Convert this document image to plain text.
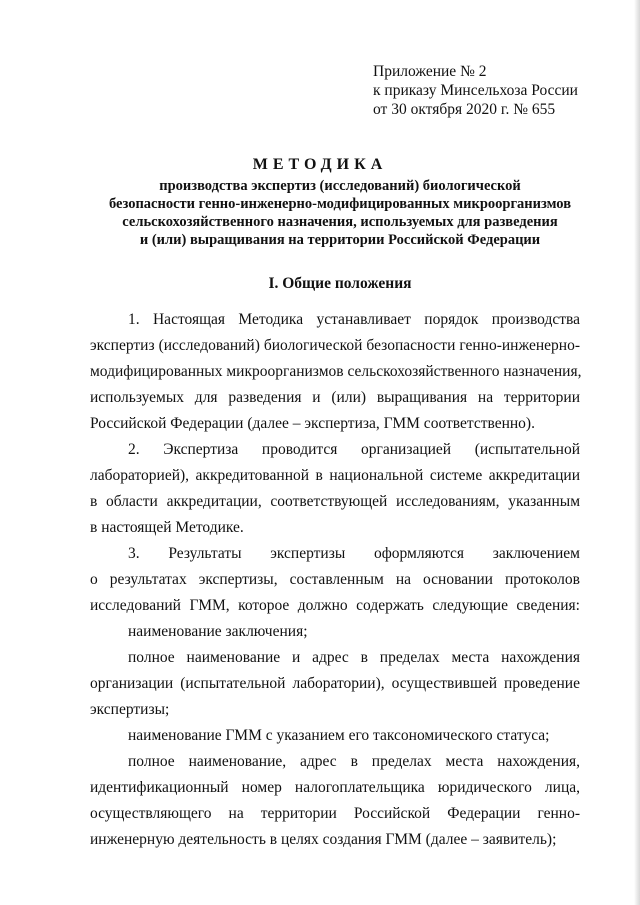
Приложение № 2
к приказу Минсельхоза России
от 30 октября 2020 г. № 655
МЕТОДИКА
производства экспертиз (исследований) биологической
безопасности генно-инженерно-модифицированных микроорганизмов
сельскохозяйственного назначения, используемых для разведения
и (или) выращивания на территории Российской Федерации
I. Общие положения
1. Настоящая Методика устанавливает порядок производства
экспертиз (исследований) биологической безопасности генно-инженерно-
модифицированных микроорганизмов сельскохозяйственного назначения,
используемых для разведения и (или) выращивания на территории
Российской Федерации (далее – экспертиза, ГММ соответственно).
2. Экспертиза проводится организацией (испытательной
лабораторией), аккредитованной в национальной системе аккредитации
в области аккредитации, соответствующей исследованиям, указанным
в настоящей Методике.
3. Результаты экспертизы оформляются заключением
о результатах экспертизы, составленным на основании протоколов
исследований ГММ, которое должно содержать следующие сведения:
наименование заключения;
полное наименование и адрес в пределах места нахождения
организации (испытательной лаборатории), осуществившей проведение
экспертизы;
наименование ГММ с указанием его таксономического статуса;
полное наименование, адрес в пределах места нахождения,
идентификационный номер налогоплательщика юридического лица,
осуществляющего на территории Российской Федерации генно-
инженерную деятельность в целях создания ГММ (далее – заявитель);
